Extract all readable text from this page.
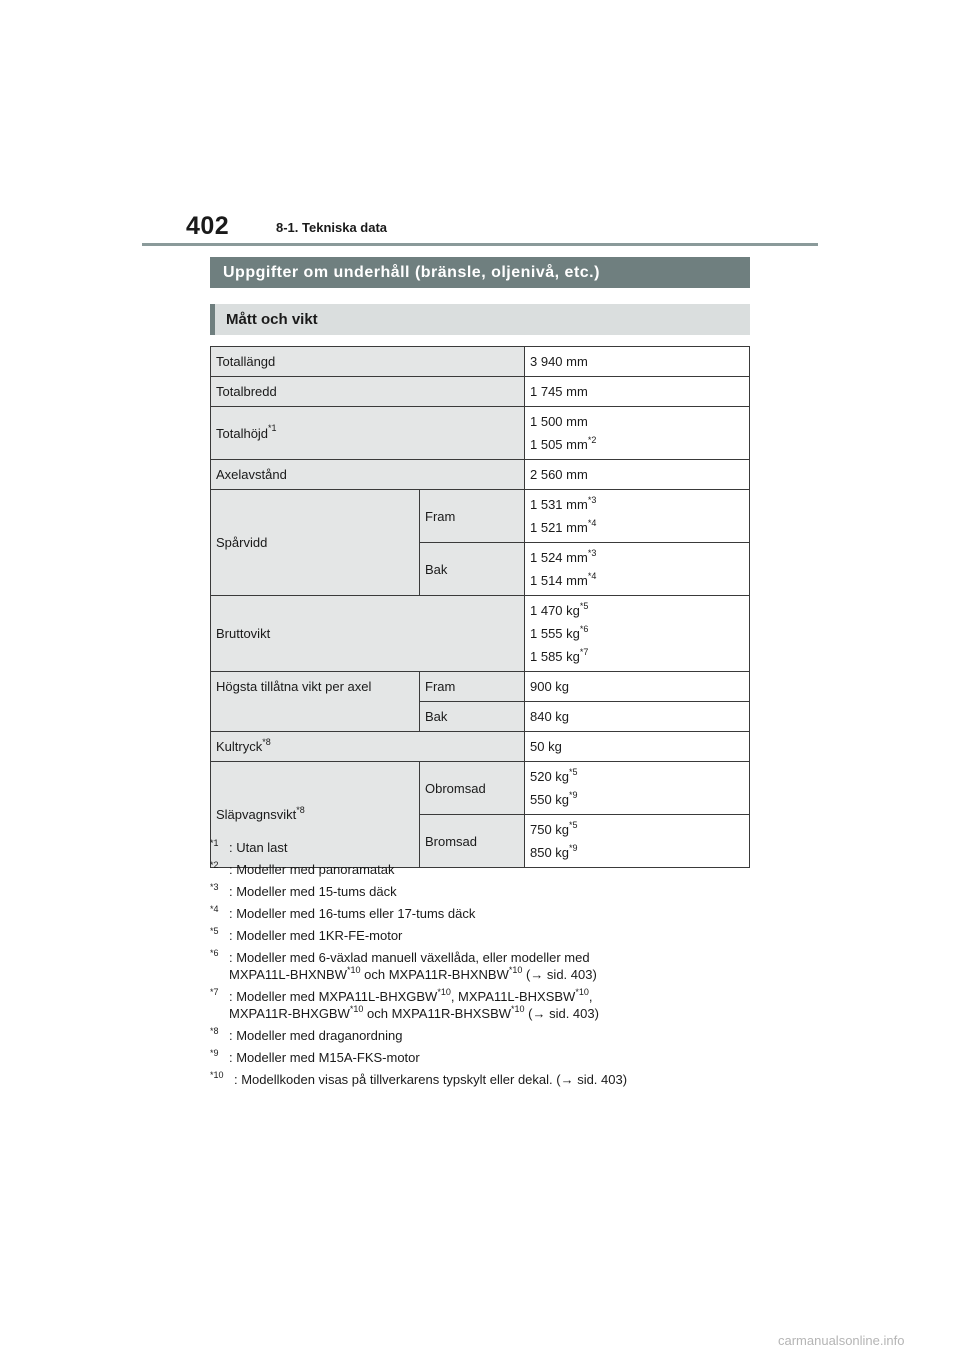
402	8-1. Tekniska data
Uppgifter om underhåll (bränsle, oljenivå, etc.)
Mått och vikt
Totallängd		3 940 mm
Totalbredd		1 745 mm
Totalhöjd$^{*1}$		1 500 mm
1 505 $mm^{*2}$

Axelavstånd		2 560 mm
Spårvidd	Fram	1 531 $mm^{*3}$
1 521 $mm^{*4}$

	Bak	1 524 $mm^{*3}$
1 514 $mm^{*4}$

Bruttovikt		1 470 $kg^{*5}$
1 555 $kg^{*6}$
1 585 $kg^{*7}$

Högsta tillåtna vikt per axel	Fram	900 kg
	Bak	840 kg
Kultryck$^{*8}$		50 kg
Släpvagnsvikt$^{*8}$	Obromsad	520 $kg^{*5}$
550 $kg^{*9}$

	Bromsad	750 $kg^{*5}$
850 $kg^{*9}$
$^{*1}$ : Utan last
$^{*2}$ : Modeller med panoramatak
$^{*3}$ : Modeller med 15-tums däck
$^{*4}$ : Modeller med 16-tums eller 17-tums däck
$^{*5}$ : Modeller med 1KR-FE-motor
$^{*6}$ : Modeller med 6-växlad manuell växellåda, eller modeller med
MXPA11L-BHXNBW$^{*10}$ och MXPA11R-BHXNBW$^{*10}$ (→ sid. 403)
$^{*7}$ : Modeller med MXPA11L-BHXGBW$^{*10}$, MXPA11L-BHXSBW$^{*10}$,
MXPA11R-BHXGBW$^{*10}$ och MXPA11R-BHXSBW$^{*10}$ (→ sid. 403)
$^{*8}$ : Modeller med draganordning
$^{*9}$ : Modeller med M15A-FKS-motor
$^{*10}$ : Modellkoden visas på tillverkarens typskylt eller dekal. (→ sid. 403)
carmanualsonline.info
